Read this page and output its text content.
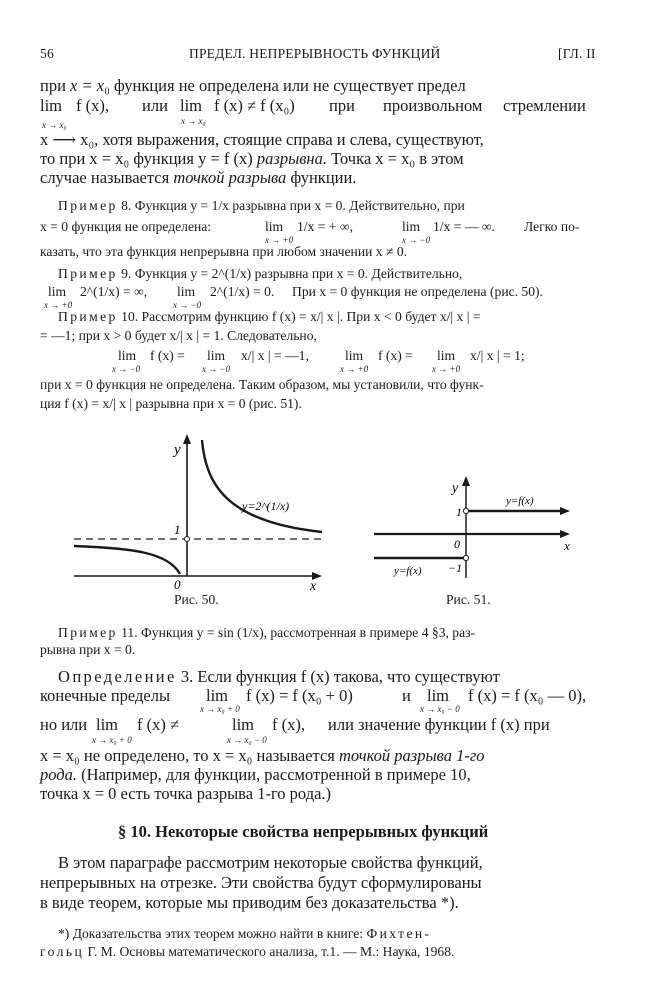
56	ПРЕДЕЛ. НЕПРЕРЫВНОСТЬ ФУНКЦИЙ	[ГЛ. II
при x = x₀ функция не определена или не существует предел
lim f (x), или lim f (x) ≠ f (x₀) при произвольном стремлении
x → x₀	x → x₀
x ⟶ x₀, хотя выражения, стоящие справа и слева, существуют,
то при x = x₀ функция y = f (x) разрывна. Точка x = x₀ в этом
случае называется точкой разрыва функции.
Пример 8. Функция y = 1/x разрывна при x = 0. Действительно, при
x = 0 функция не определена:	lim 1/x = + ∞,	lim 1/x = — ∞. Легко по-
x → +0	x → −0
казать, что эта функция непрерывна при любом значении x ≠ 0.
Пример 9. Функция y = 2^(1/x) разрывна при x = 0. Действительно,
lim 2^(1/x) = ∞, lim 2^(1/x) = 0. При x = 0 функция не определена (рис. 50).
x → +0	x → −0
Пример 10. Рассмотрим функцию f (x) = x/| x |. При x < 0 будет x/| x | =
= —1; при x > 0 будет x/| x | = 1. Следовательно,
lim f (x) = lim x/| x | = —1,	lim f (x) = lim x/| x | = 1;
x → −0	x → −0	x → +0	x → +0
при x = 0 функция не определена. Таким образом, мы установили, что функ-
ция f (x) = x/| x | разрывна при x = 0 (рис. 51).
y
x
0
1
y=2^(1/x)
Рис. 50.
y
x
0
1
−1
y=f(x)
y=f(x)
Рис. 51.
Пример 11. Функция y = sin (1/x), рассмотренная в примере 4 §3, раз-
рывна при x = 0.
Определение 3. Если функция f (x) такова, что существуют
конечные пределы lim f (x) = f (x₀ + 0)	и lim f (x) = f (x₀ — 0),
x → x₀ + 0	x → x₀ − 0
но или lim f (x) ≠	lim f (x), или значение функции f (x) при
x → x₀ + 0	x → x₀ − 0
x = x₀ не определено, то x = x₀ называется точкой разрыва 1-го
рода. (Например, для функции, рассмотренной в примере 10,
точка x = 0 есть точка разрыва 1-го рода.)
§ 10. Некоторые свойства непрерывных функций
В этом параграфе рассмотрим некоторые свойства функций,
непрерывных на отрезке. Эти свойства будут сформулированы
в виде теорем, которые мы приводим без доказательства *).
*) Доказательства этих теорем можно найти в книге: Фихтен-
гольц Г. М. Основы математического анализа, т.1. — М.: Наука, 1968.
